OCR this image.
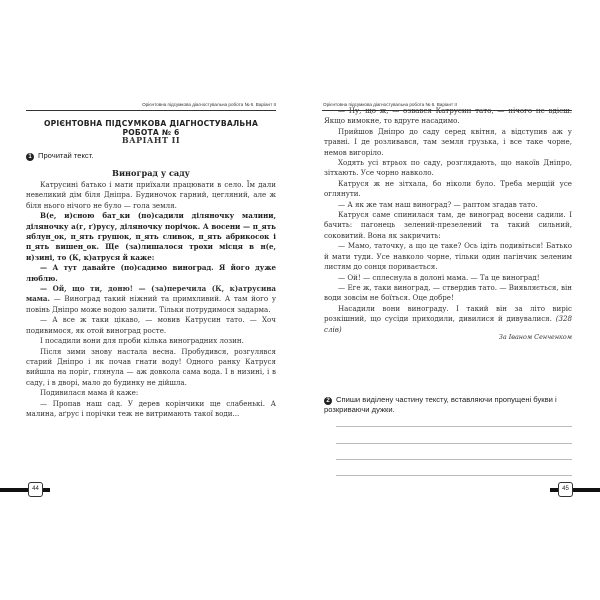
Орієнтовна підсумкова діагностувальна робота № 6. Варіант ІІ
ОРІЄНТОВНА ПІДСУМКОВА ДІАГНОСТУВАЛЬНА РОБОТА № 6
ВАРІАНТ ІІ
1 Прочитай текст.
Виноград у саду

Катрусині батько і мати приїхали працювати в село. Їм дали невеликий дім біля Дніпра. Будиночок гарний, цегляний, але ж біля нього нічого не було — гола земля.

В(е, и)сною бат_ки (по)садили діляночку малини, діляночку а(г, ґ)русу, діляночку порічок. А восени — п_ять яблун_ок, п_ять грушок, п_ять сливок, п_ять абрикосок і п_ять вишен_ок. Ще (за)лишалося трохи місця в н(е, и)зині, то (К, к)атруся й каже:

— А тут давайте (по)садимо виноград. Я його дуже люблю.

— Ой, що ти, доню! — (за)перечила (К, к)атрусина мама. — Виноград такий ніжний та примхливий. А там його у повінь Дніпро може водою залити. Тільки потрудимося задарма.

— А все ж таки цікаво, — мовив Катрусин тато. — Хоч подивимося, як отой виноград росте.

І посадили вони для проби кілька виноградних лозин.

Після зими знову настала весна. Пробудився, розгулявся старий Дніпро і як почав гнати воду! Одного ранку Катруся вийшла на поріг, глянула — аж довкола сама вода. І в низині, і в саду, і в дворі, мало до будинку не дійшла.

Подивилася мама й каже:

— Пропав наш сад. У дерев корінчики ще слабенькі. А малина, аґрус і порічки теж не витримають такої води...

44
Орієнтовна підсумкова діагностувальна робота № 6. Варіант ІІ

— Ну, що ж, — озвався Катрусин тато, — нічого не вдієш. Якщо вимокне, то вдруге насадимо.

Прийшов Дніпро до саду серед квітня, а відступив аж у травні. І де розливався, там земля грузька, і все таке чорне, немов вигоріло.

Ходять усі втрьох по саду, розглядають, що накоїв Дніпро, зітхають. Усе чорно навколо.

Катруся ж не зітхала, бо ніколи було. Треба мерщій усе оглянути.

— А як же там наш виноград? — раптом згадав тато.

Катруся саме спинилася там, де виноград восени садили. І бачить: пагонець зелений-презелений та такий сильний, соковитий. Вона як закричить:

— Мамо, таточку, а що це таке? Ось ідіть подивіться! Батько й мати туди. Усе навколо чорне, тільки один пагінчик зеленим листям до сонця поривається.

— Ой! — сплеснула в долоні мама. — Та це виноград!

— Еге ж, таки виноград, — ствердив тато. — Виявляється, він води зовсім не боїться. Оце добре!

Насадили вони винограду. І такий він за літо виріс розкішний, що сусіди приходили, дивилися й дивувалися. (328 слів)

За Іваном Сенченком
2 Спиши виділену частину тексту, вставляючи пропущені букви і розкриваючи дужки.
45
